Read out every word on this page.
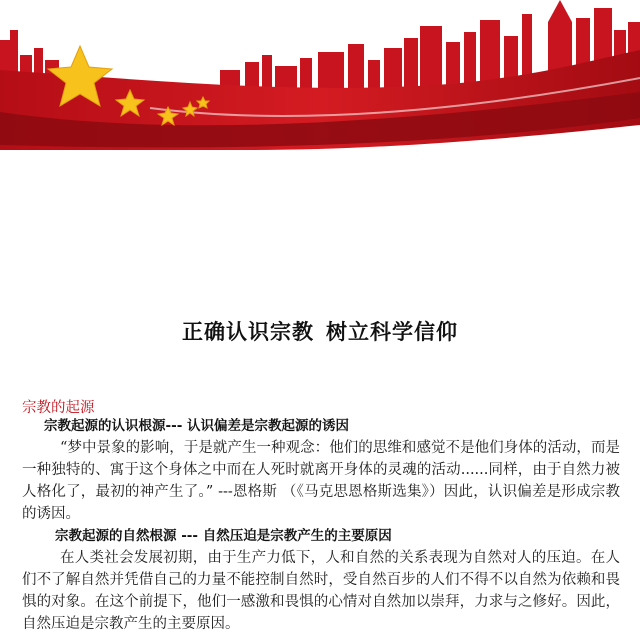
正确认识宗教 树立科学信仰
宗教的起源
宗教起源的认识根源--- 认识偏差是宗教起源的诱因

“梦中景象的影响，于是就产生一种观念：他们的思维和感觉不是他们身体的活动，而是一种独特的、寓于这个身体之中而在人死时就离开身体的灵魂的活动......同样，由于自然力被人格化了，最初的神产生了。” ---恩格斯 （《马克思恩格斯选集》）因此，认识偏差是形成宗教的诱因。

宗教起源的自然根源 --- 自然压迫是宗教产生的主要原因

在人类社会发展初期，由于生产力低下，人和自然的关系表现为自然对人的压迫。在人们不了解自然并凭借自己的力量不能控制自然时，受自然百步的人们不得不以自然为依赖和畏惧的对象。在这个前提下，他们一感激和畏惧的心情对自然加以崇拜，力求与之修好。因此，自然压迫是宗教产生的主要原因。
